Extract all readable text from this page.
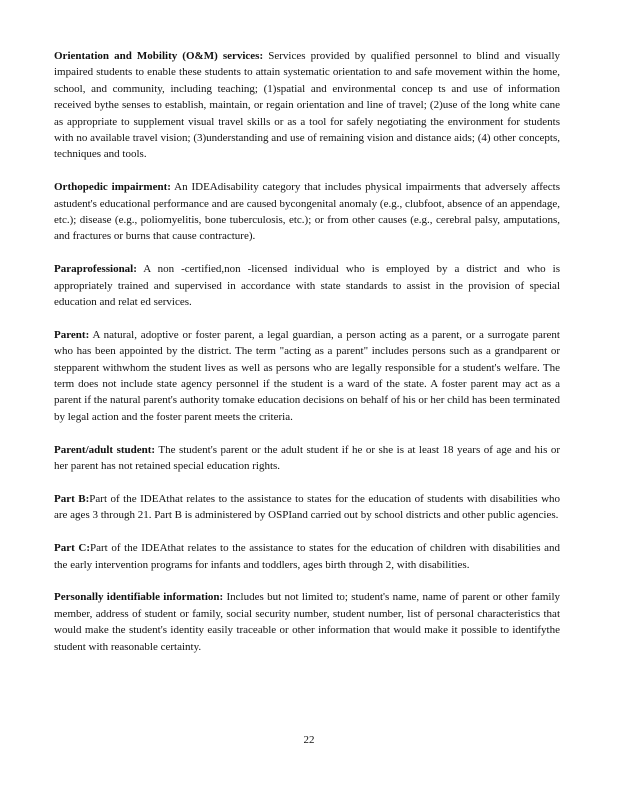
Orientation and Mobility (O&M) services: Services provided by qualified personnel to blind and visually impaired students to enable these students to attain systematic orientation to and safe movement within the home, school, and community, including teaching; (1)spatial and environmental concep ts and use of information received bythe senses to establish, maintain, or regain orientation and line of travel; (2)use of the long white cane as appropriate to supplement visual travel skills or as a tool for safely negotiating the environment for students with no available travel vision; (3)understanding and use of remaining vision and distance aids; (4) other concepts, techniques and tools.

Orthopedic impairment: An IDEAdisability category that includes physical impairments that adversely affects astudent's educational performance and are caused bycongenital anomaly (e.g., clubfoot, absence of an appendage, etc.); disease (e.g., poliomyelitis, bone tuberculosis, etc.); or from other causes (e.g., cerebral palsy, amputations, and fractures or burns that cause contracture).

Paraprofessional: A non -certified,non -licensed individual who is employed by a district and who is appropriately trained and supervised in accordance with state standards to assist in the provision of special education and relat ed services.

Parent: A natural, adoptive or foster parent, a legal guardian, a person acting as a parent, or a surrogate parent who has been appointed by the district. The term "acting as a parent" includes persons such as a grandparent or stepparent withwhom the student lives as well as persons who are legally responsible for a student's welfare. The term does not include state agency personnel if the student is a ward of the state. A foster parent may act as a parent if the natural parent's authority tomake education decisions on behalf of his or her child has been terminated by legal action and the foster parent meets the criteria.

Parent/adult student: The student's parent or the adult student if he or she is at least 18 years of age and his or her parent has not retained special education rights.

Part B:Part of the IDEAthat relates to the assistance to states for the education of students with disabilities who are ages 3 through 21. Part B is administered by OSPIand carried out by school districts and other public agencies.

Part C:Part of the IDEAthat relates to the assistance to states for the education of children with disabilities and the early intervention programs for infants and toddlers, ages birth through 2, with disabilities.

Personally identifiable information: Includes but not limited to; student's name, name of parent or other family member, address of student or family, social security number, student number, list of personal characteristics that would make the student's identity easily traceable or other information that would make it possible to identifythe student with reasonable certainty.

22
